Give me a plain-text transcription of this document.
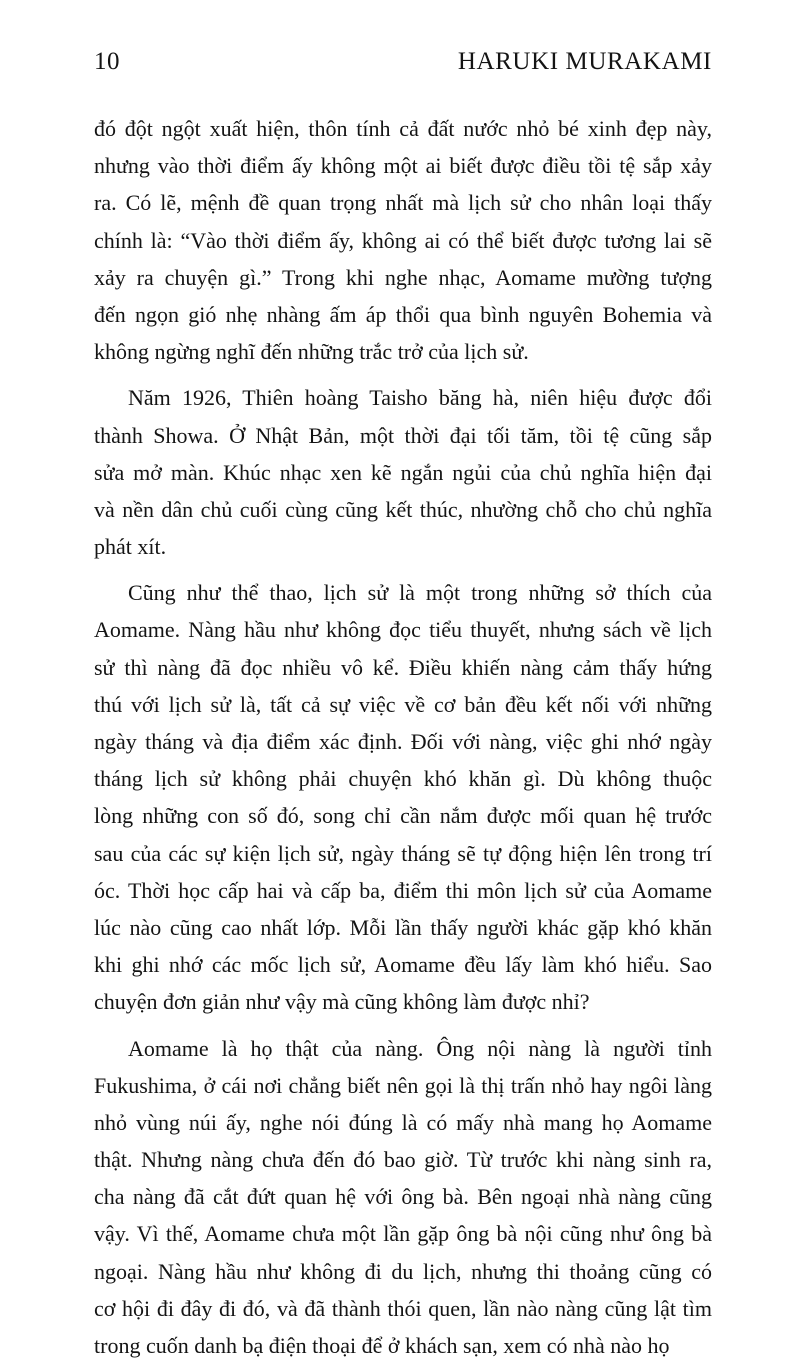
10	HARUKI MURAKAMI
đó đột ngột xuất hiện, thôn tính cả đất nước nhỏ bé xinh đẹp này,
nhưng vào thời điểm ấy không một ai biết được điều tồi tệ sắp xảy
ra. Có lẽ, mệnh đề quan trọng nhất mà lịch sử cho nhân loại thấy
chính là: “Vào thời điểm ấy, không ai có thể biết được tương lai sẽ
xảy ra chuyện gì.” Trong khi nghe nhạc, Aomame mường tượng
đến ngọn gió nhẹ nhàng ấm áp thổi qua bình nguyên Bohemia và
không ngừng nghĩ đến những trắc trở của lịch sử.
Năm 1926, Thiên hoàng Taisho băng hà, niên hiệu được đổi
thành Showa. Ở Nhật Bản, một thời đại tối tăm, tồi tệ cũng sắp
sửa mở màn. Khúc nhạc xen kẽ ngắn ngủi của chủ nghĩa hiện đại
và nền dân chủ cuối cùng cũng kết thúc, nhường chỗ cho chủ nghĩa
phát xít.
Cũng như thể thao, lịch sử là một trong những sở thích của
Aomame. Nàng hầu như không đọc tiểu thuyết, nhưng sách về lịch
sử thì nàng đã đọc nhiều vô kể. Điều khiến nàng cảm thấy hứng
thú với lịch sử là, tất cả sự việc về cơ bản đều kết nối với những
ngày tháng và địa điểm xác định. Đối với nàng, việc ghi nhớ ngày
tháng lịch sử không phải chuyện khó khăn gì. Dù không thuộc
lòng những con số đó, song chỉ cần nắm được mối quan hệ trước
sau của các sự kiện lịch sử, ngày tháng sẽ tự động hiện lên trong trí
óc. Thời học cấp hai và cấp ba, điểm thi môn lịch sử của Aomame
lúc nào cũng cao nhất lớp. Mỗi lần thấy người khác gặp khó khăn
khi ghi nhớ các mốc lịch sử, Aomame đều lấy làm khó hiểu. Sao
chuyện đơn giản như vậy mà cũng không làm được nhỉ?
Aomame là họ thật của nàng. Ông nội nàng là người tỉnh
Fukushima, ở cái nơi chẳng biết nên gọi là thị trấn nhỏ hay ngôi làng
nhỏ vùng núi ấy, nghe nói đúng là có mấy nhà mang họ Aomame
thật. Nhưng nàng chưa đến đó bao giờ. Từ trước khi nàng sinh ra,
cha nàng đã cắt đứt quan hệ với ông bà. Bên ngoại nhà nàng cũng
vậy. Vì thế, Aomame chưa một lần gặp ông bà nội cũng như ông bà
ngoại. Nàng hầu như không đi du lịch, nhưng thi thoảng cũng có
cơ hội đi đây đi đó, và đã thành thói quen, lần nào nàng cũng lật tìm
trong cuốn danh bạ điện thoại để ở khách sạn, xem có nhà nào họ
